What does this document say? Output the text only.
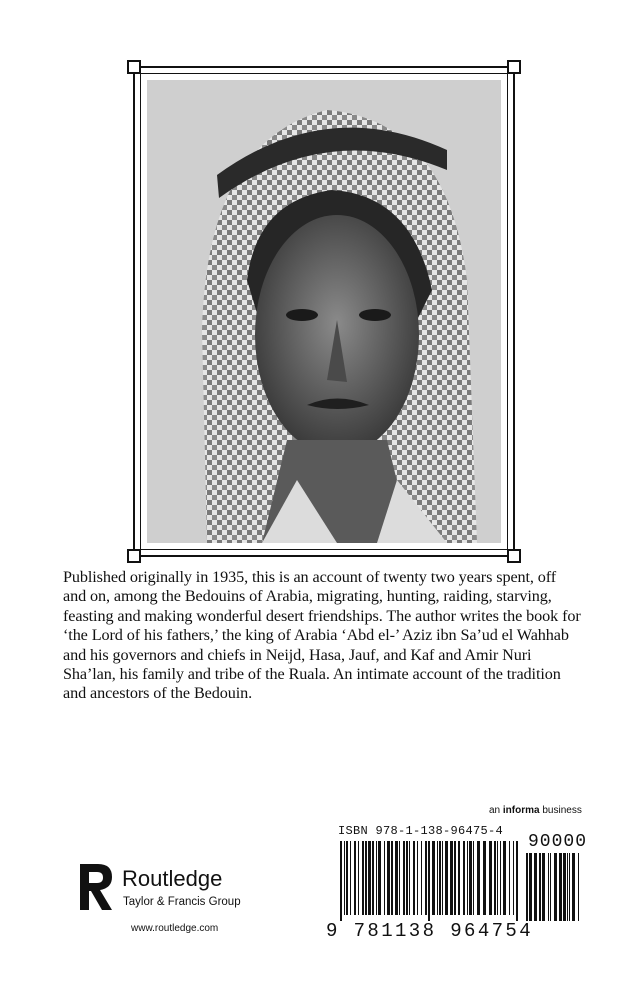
Published originally in 1935, this is an account of twenty two years spent, off and on, among the Bedouins of Arabia, migrating, hunting, raiding, starving, feasting and making wonderful desert friendships. The author writes the book for ‘the Lord of his fathers,’ the king of Arabia ‘Abd el-’ Aziz ibn Sa’ud el Wahhab and his governors and chiefs in Neijd, Hasa, Jauf, and Kaf and Amir Nuri Sha’lan, his family and tribe of the Ruala. An intimate account of the tradition and ancestors of the Bedouin.

an informa business
ISBN 978-1-138-96475-4
90000
9 781138 964754
ROUTLEDGE Routledge
Taylor & Francis Group
www.routledge.com
